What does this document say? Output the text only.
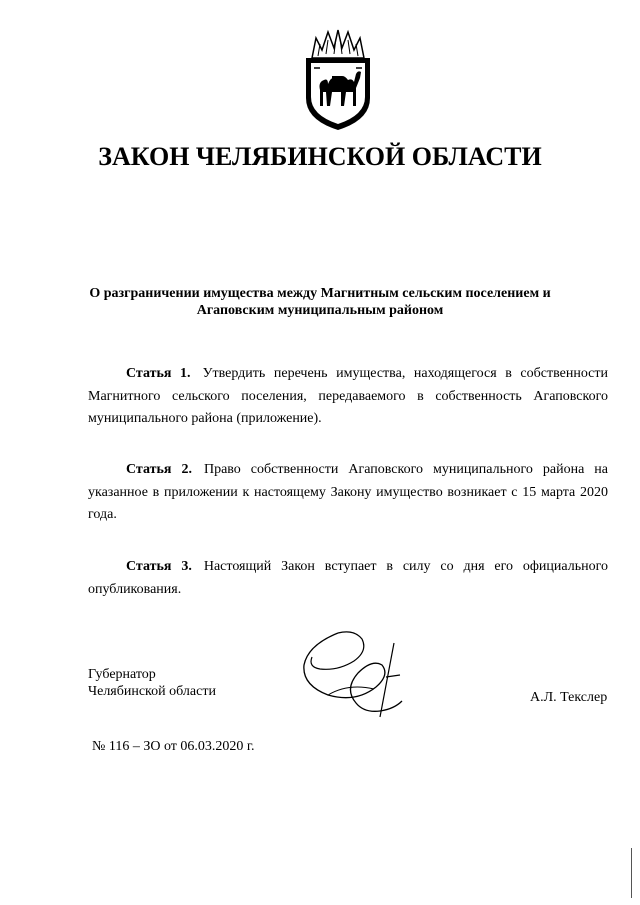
ЗАКОН ЧЕЛЯБИНСКОЙ ОБЛАСТИ

О разграничении имущества между Магнитным сельским поселением и
Агаповским муниципальным районом

Статья 1. Утвердить перечень имущества, находящегося в собственности Магнитного сельского поселения, передаваемого в собственность Агаповского муниципального района (приложение).

Статья 2. Право собственности Агаповского муниципального района на указанное в приложении к настоящему Закону имущество возникает с 15 марта 2020 года.

Статья 3. Настоящий Закон вступает в силу со дня его официального опубликования.

Губернатор
Челябинской области	А.Л. Текслер
№ 116 – ЗО от 06.03.2020 г.
